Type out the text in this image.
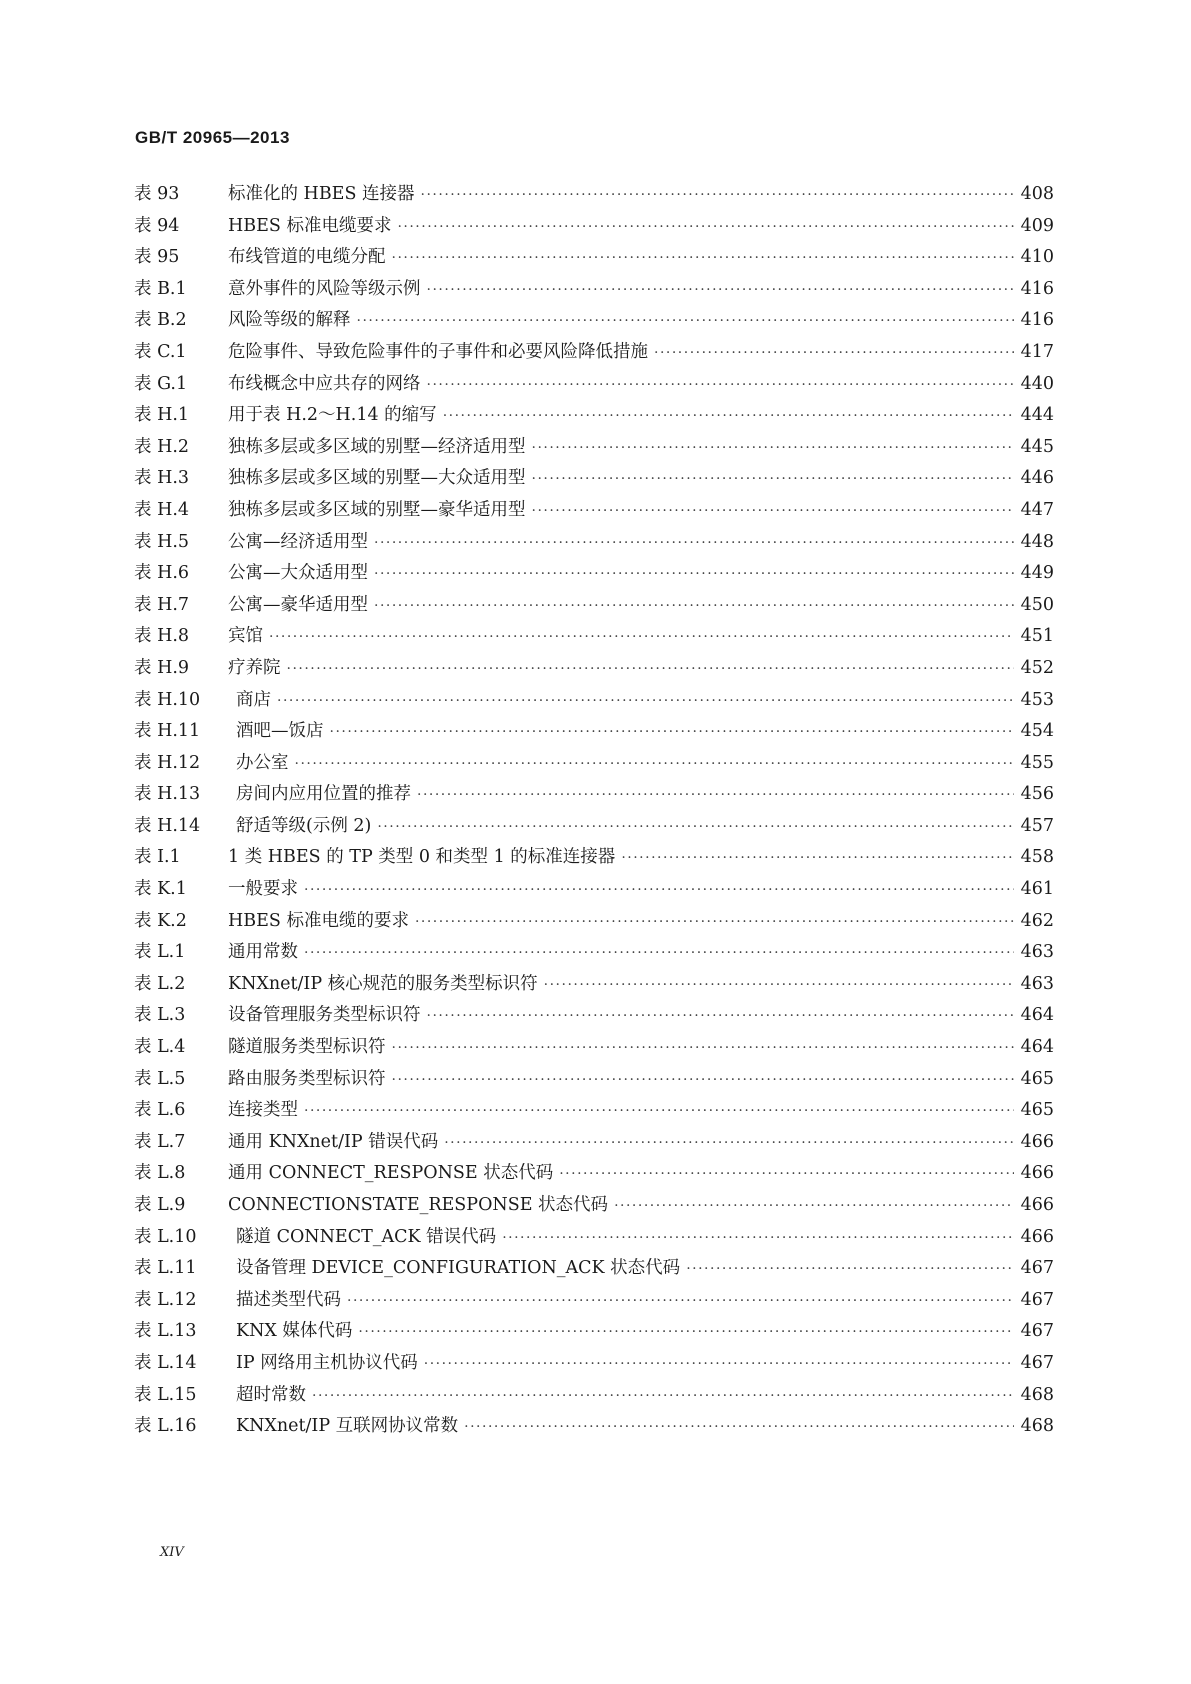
GB/T 20965—2013
表 93	标准化的 HBES 连接器 ·····	408
表 94	HBES 标准电缆要求 ·····	409
表 95	布线管道的电缆分配 ·····	410
表 B.1	意外事件的风险等级示例 ·····	416
表 B.2	风险等级的解释 ·····	416
表 C.1	危险事件、导致危险事件的子事件和必要风险降低措施 ·····	417
表 G.1	布线概念中应共存的网络 ·····	440
表 H.1	用于表 H.2～H.14 的缩写 ·····	444
表 H.2	独栋多层或多区域的别墅—经济适用型 ·····	445
表 H.3	独栋多层或多区域的别墅—大众适用型 ·····	446
表 H.4	独栋多层或多区域的别墅—豪华适用型 ·····	447
表 H.5	公寓—经济适用型 ·····	448
表 H.6	公寓—大众适用型 ·····	449
表 H.7	公寓—豪华适用型 ·····	450
表 H.8	宾馆 ·····	451
表 H.9	疗养院 ·····	452
表 H.10	商店 ·····	453
表 H.11	酒吧—饭店 ·····	454
表 H.12	办公室 ·····	455
表 H.13	房间内应用位置的推荐 ·····	456
表 H.14	舒适等级(示例 2) ·····	457
表 I.1	1 类 HBES 的 TP 类型 0 和类型 1 的标准连接器 ·····	458
表 K.1	一般要求 ·····	461
表 K.2	HBES 标准电缆的要求 ·····	462
表 L.1	通用常数 ·····	463
表 L.2	KNXnet/IP 核心规范的服务类型标识符 ·····	463
表 L.3	设备管理服务类型标识符 ·····	464
表 L.4	隧道服务类型标识符 ·····	464
表 L.5	路由服务类型标识符 ·····	465
表 L.6	连接类型 ·····	465
表 L.7	通用 KNXnet/IP 错误代码 ·····	466
表 L.8	通用 CONNECT_RESPONSE 状态代码 ·····	466
表 L.9	CONNECTIONSTATE_RESPONSE 状态代码 ·····	466
表 L.10	隧道 CONNECT_ACK 错误代码 ·····	466
表 L.11	设备管理 DEVICE_CONFIGURATION_ACK 状态代码 ·····	467
表 L.12	描述类型代码 ·····	467
表 L.13	KNX 媒体代码 ·····	467
表 L.14	IP 网络用主机协议代码 ·····	467
表 L.15	超时常数 ·····	468
表 L.16	KNXnet/IP 互联网协议常数 ·····	468
XIV
